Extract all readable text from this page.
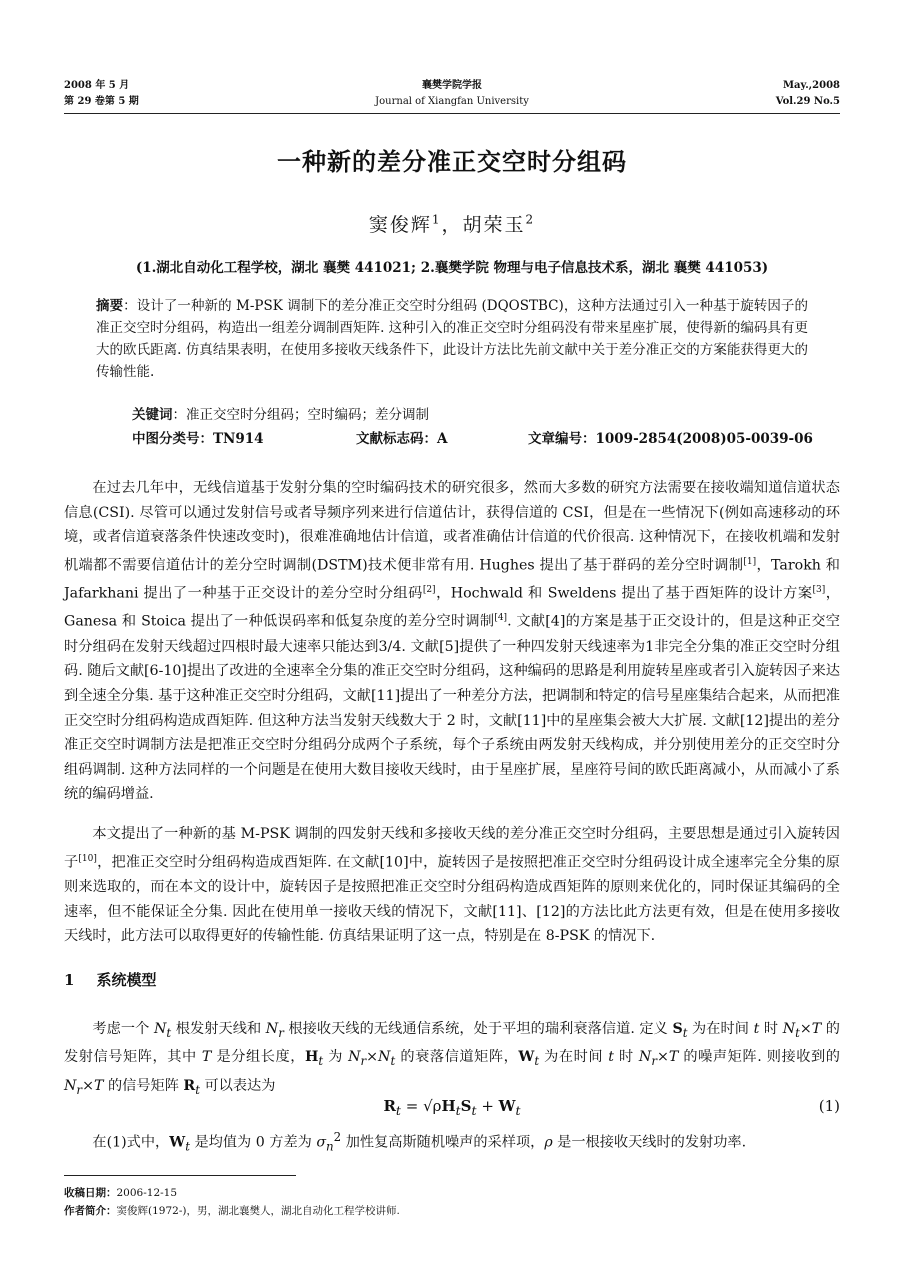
2008 年 5 月
第 29 卷第 5 期
襄樊学院学报
Journal of Xiangfan University
May.,2008
Vol.29 No.5
一种新的差分准正交空时分组码
窦俊辉$^1$，胡荣玉$^2$
(1.湖北自动化工程学校，湖北 襄樊 441021; 2.襄樊学院 物理与电子信息技术系，湖北 襄樊 441053)
摘要：设计了一种新的 M-PSK 调制下的差分准正交空时分组码 (DQOSTBC)，这种方法通过引入一种基于旋转因子的准正交空时分组码，构造出一组差分调制酉矩阵. 这种引入的准正交空时分组码没有带来星座扩展，使得新的编码具有更大的欧氏距离. 仿真结果表明，在使用多接收天线条件下，此设计方法比先前文献中关于差分准正交的方案能获得更大的传输性能.
关键词：准正交空时分组码；空时编码；差分调制
中图分类号：TN914	文献标志码：A	文章编号：1009-2854(2008)05-0039-06
在过去几年中，无线信道基于发射分集的空时编码技术的研究很多，然而大多数的研究方法需要在接收端知道信道状态信息(CSI). 尽管可以通过发射信号或者导频序列来进行信道估计，获得信道的 CSI，但是在一些情况下(例如高速移动的环境，或者信道衰落条件快速改变时)，很难准确地估计信道，或者准确估计信道的代价很高. 这种情况下，在接收机端和发射机端都不需要信道估计的差分空时调制(DSTM)技术便非常有用. Hughes 提出了基于群码的差分空时调制[1]，Tarokh 和 Jafarkhani 提出了一种基于正交设计的差分空时分组码[2]，Hochwald 和 Sweldens 提出了基于酉矩阵的设计方案[3]，Ganesa 和 Stoica 提出了一种低误码率和低复杂度的差分空时调制[4]. 文献[4]的方案是基于正交设计的，但是这种正交空时分组码在发射天线超过四根时最大速率只能达到3/4. 文献[5]提供了一种四发射天线速率为1非完全分集的准正交空时分组码. 随后文献[6-10]提出了改进的全速率全分集的准正交空时分组码，这种编码的思路是利用旋转星座或者引入旋转因子来达到全速全分集. 基于这种准正交空时分组码，文献[11]提出了一种差分方法，把调制和特定的信号星座集结合起来，从而把准正交空时分组码构造成酉矩阵. 但这种方法当发射天线数大于 2 时，文献[11]中的星座集会被大大扩展. 文献[12]提出的差分准正交空时调制方法是把准正交空时分组码分成两个子系统，每个子系统由两发射天线构成，并分别使用差分的正交空时分组码调制. 这种方法同样的一个问题是在使用大数目接收天线时，由于星座扩展，星座符号间的欧氏距离减小，从而减小了系统的编码增益.
本文提出了一种新的基 M-PSK 调制的四发射天线和多接收天线的差分准正交空时分组码，主要思想是通过引入旋转因子[10]，把准正交空时分组码构造成酉矩阵. 在文献[10]中，旋转因子是按照把准正交空时分组码设计成全速率完全分集的原则来选取的，而在本文的设计中，旋转因子是按照把准正交空时分组码构造成酉矩阵的原则来优化的，同时保证其编码的全速率，但不能保证全分集. 因此在使用单一接收天线的情况下，文献[11]、[12]的方法比此方法更有效，但是在使用多接收天线时，此方法可以取得更好的传输性能. 仿真结果证明了这一点，特别是在 8-PSK 的情况下.
1 系统模型
考虑一个 $N_t$ 根发射天线和 $N_r$ 根接收天线的无线通信系统，处于平坦的瑞利衰落信道. 定义 $S_t$ 为在时间 t 时 $N_t\times T$ 的发射信号矩阵，其中 T 是分组长度，$H_t$ 为 $N_r\times N_t$ 的衰落信道矩阵，$W_t$ 为在时间 t 时 $N_r\times T$ 的噪声矩阵. 则接收到的 $N_r\times T$ 的信号矩阵 $R_t$ 可以表达为
$R_t = √\rho H_tS_t + W_t$	(1)
在(1)式中，$W_t$ 是均值为 0 方差为 $\sigma_n^2$ 加性复高斯随机噪声的采样项，ρ 是一根接收天线时的发射功率.
收稿日期：2006-12-15
作者简介：窦俊辉(1972-)，男，湖北襄樊人，湖北自动化工程学校讲师.
